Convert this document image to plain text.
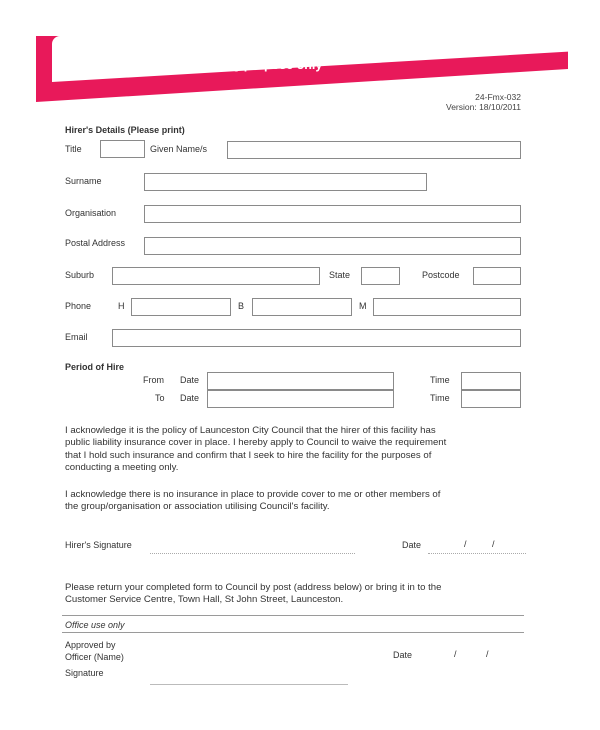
Application to Waive Public Liability Insurance Requirements for Hire of
Council Facilities for meeting purpose only
24-Fmx-032
Version: 18/10/2011
Hirer's Details (Please print)
Title	Given Name/s
Surname
Organisation
Postal Address
Suburb	State	Postcode
Phone	H	B	M
Email
Period of Hire
From Date	Time
To Date	Time
I acknowledge it is the policy of Launceston City Council that the hirer of this facility has
public liability insurance cover in place. I hereby apply to Council to waive the requirement
that I hold such insurance and confirm that I seek to hire the facility for the purposes of
conducting a meeting only.
I acknowledge there is no insurance in place to provide cover to me or other members of
the group/organisation or association utilising Council's facility.
Hirer's Signature	Date	/	/
Please return your completed form to Council by post (address below) or bring it in to the
Customer Service Centre, Town Hall, St John Street, Launceston.
Office use only
Approved by
Officer (Name)	Date	/	/
Signature
